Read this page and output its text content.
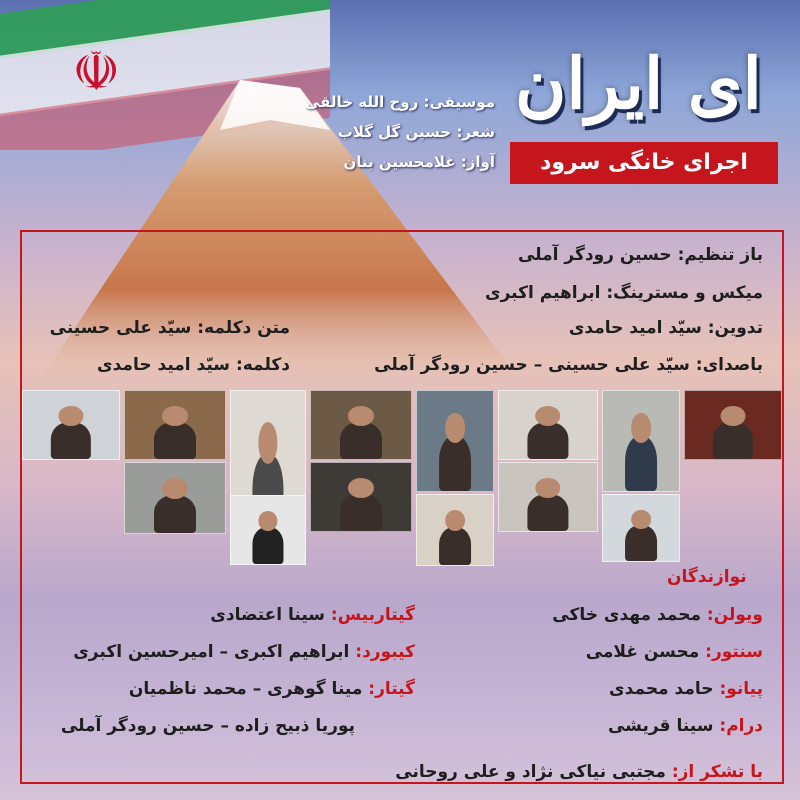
☫	ای ایران
اجرای خانگی سرود
موسیقی: روح الله خالقی
شعر: حسین گل گلاب
آواز: غلامحسین بنان
باز تنظیم: حسین رودگر آملی
میکس و مسترینگ: ابراهیم اکبری
تدوین: سیّد امید حامدی
باصدای: سیّد علی حسینی – حسین رودگر آملی
متن دکلمه: سیّد علی حسینی
دکلمه: سیّد امید حامدی
نوازندگان
ویولن: محمد مهدی خاکی
سنتور: محسن غلامی
پیانو: حامد محمدی
درام: سینا قریشی
گیتاربیس: سینا اعتضادی
کیبورد: ابراهیم اکبری – امیرحسین اکبری
گیتار: مینا گوهری – محمد ناظمیان
پوریا ذبیح زاده – حسین رودگر آملی
با تشکر از: مجتبی نیاکی نژاد و علی روحانی
